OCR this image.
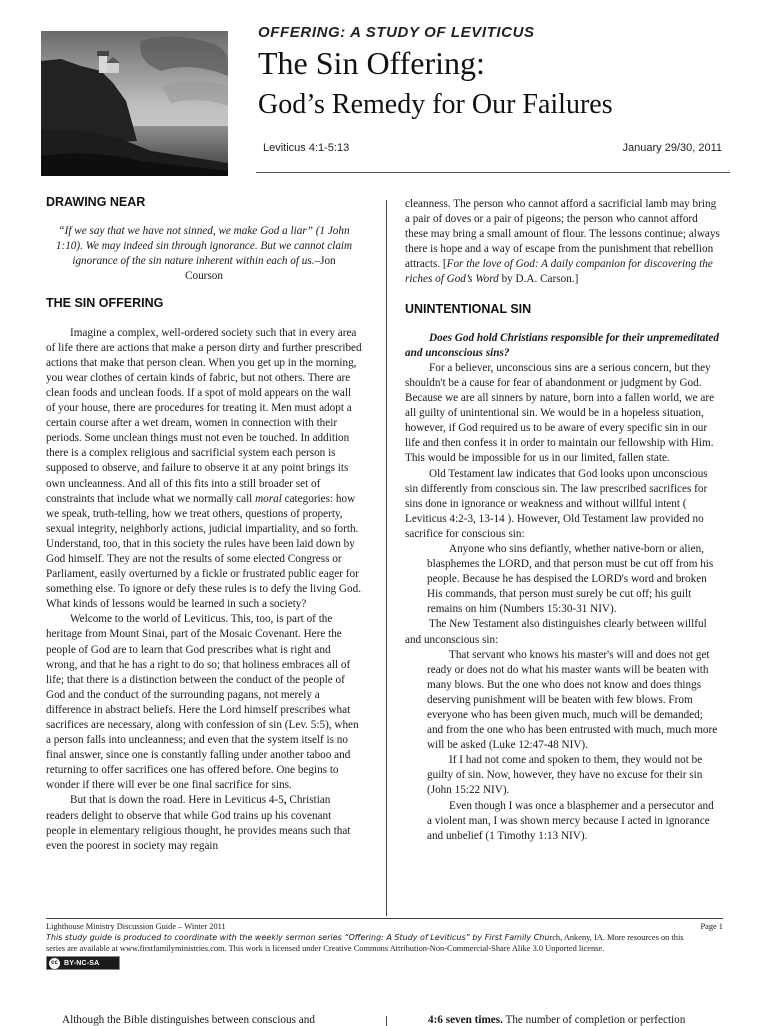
OFFERING: A STUDY OF LEVITICUS
The Sin Offering:
God’s Remedy for Our Failures
Leviticus 4:1-5:13	January 29/30, 2011
DRAWING NEAR

“If we say that we have not sinned, we make God a liar” (1 John 1:10). We may indeed sin through ignorance. But we cannot claim ignorance of the sin nature inherent within each of us.–Jon Courson

THE SIN OFFERING

Imagine a complex, well-ordered society such that in every area of life there are actions that make a person dirty and further prescribed actions that make that person clean. When you get up in the morning, you wear clothes of certain kinds of fabric, but not others. There are clean foods and unclean foods. If a spot of mold appears on the wall of your house, there are procedures for treating it. Men must adopt a certain course after a wet dream, women in connection with their periods. Some unclean things must not even be touched. In addition there is a complex religious and sacrificial system each person is supposed to observe, and failure to observe it at any point brings its own uncleanness. And all of this fits into a still broader set of constraints that include what we normally call moral categories: how we speak, truth-telling, how we treat others, questions of property, sexual integrity, neighborly actions, judicial impartiality, and so forth. Understand, too, that in this society the rules have been laid down by God himself. They are not the results of some elected Congress or Parliament, easily overturned by a fickle or frustrated public eager for something else. To ignore or defy these rules is to defy the living God. What kinds of lessons would be learned in such a society?

Welcome to the world of Leviticus. This, too, is part of the heritage from Mount Sinai, part of the Mosaic Covenant. Here the people of God are to learn that God prescribes what is right and wrong, and that he has a right to do so; that holiness embraces all of life; that there is a distinction between the conduct of the people of God and the conduct of the surrounding pagans, not merely a difference in abstract beliefs. Here the Lord himself prescribes what sacrifices are necessary, along with confession of sin (Lev. 5:5), when a person falls into uncleanness; and even that the system itself is no final answer, since one is constantly falling under another taboo and returning to offer sacrifices one has offered before. One begins to wonder if there will ever be one final sacrifice for sins.

But that is down the road. Here in Leviticus 4-5, Christian readers delight to observe that while God trains up his covenant people in elementary religious thought, he provides means such that even the poorest in society may regain

cleanness. The person who cannot afford a sacrificial lamb may bring a pair of doves or a pair of pigeons; the person who cannot afford these may bring a small amount of flour. The lessons continue; always there is hope and a way of escape from the punishment that rebellion attracts. [For the love of God: A daily companion for discovering the riches of God’s Word by D.A. Carson.]

UNINTENTIONAL SIN

Does God hold Christians responsible for their unpremeditated and unconscious sins?

For a believer, unconscious sins are a serious concern, but they shouldn't be a cause for fear of abandonment or judgment by God. Because we are all sinners by nature, born into a fallen world, we are all guilty of unintentional sin. We would be in a hopeless situation, however, if God required us to be aware of every specific sin in our life and then confess it in order to maintain our fellowship with Him. This would be impossible for us in our limited, fallen state.

Old Testament law indicates that God looks upon unconscious sin differently from conscious sin. The law prescribed sacrifices for sins done in ignorance or weakness and without willful intent ( Leviticus 4:2-3, 13-14 ). However, Old Testament law provided no sacrifice for conscious sin:

Anyone who sins defiantly, whether native-born or alien, blasphemes the LORD, and that person must be cut off from his people. Because he has despised the LORD's word and broken His commands, that person must surely be cut off; his guilt remains on him (Numbers 15:30-31 NIV).

The New Testament also distinguishes clearly between willful and unconscious sin:

That servant who knows his master's will and does not get ready or does not do what his master wants will be beaten with many blows. But the one who does not know and does things deserving punishment will be beaten with few blows. From everyone who has been given much, much will be demanded; and from the one who has been entrusted with much, much more will be asked (Luke 12:47-48 NIV).

If I had not come and spoken to them, they would not be guilty of sin. Now, however, they have no excuse for their sin (John 15:22 NIV).

Even though I was once a blasphemer and a persecutor and a violent man, I was shown mercy because I acted in ignorance and unbelief (1 Timothy 1:13 NIV).

Lighthouse Ministry Discussion Guide – Winter 2011	Page 1
This study guide is produced to coordinate with the weekly sermon series “Offering: A Study of Leviticus” by First Family Church, Ankeny, IA. More resources on this
series are available at www.firstfamilyministries.com. This work is licensed under Creative Commons Attribution-Non-Commercial-Share Alike 3.0 Unported license.
cc BY-NC-SA
Although the Bible distinguishes between conscious and	4:6 seven times. The number of completion or perfection
